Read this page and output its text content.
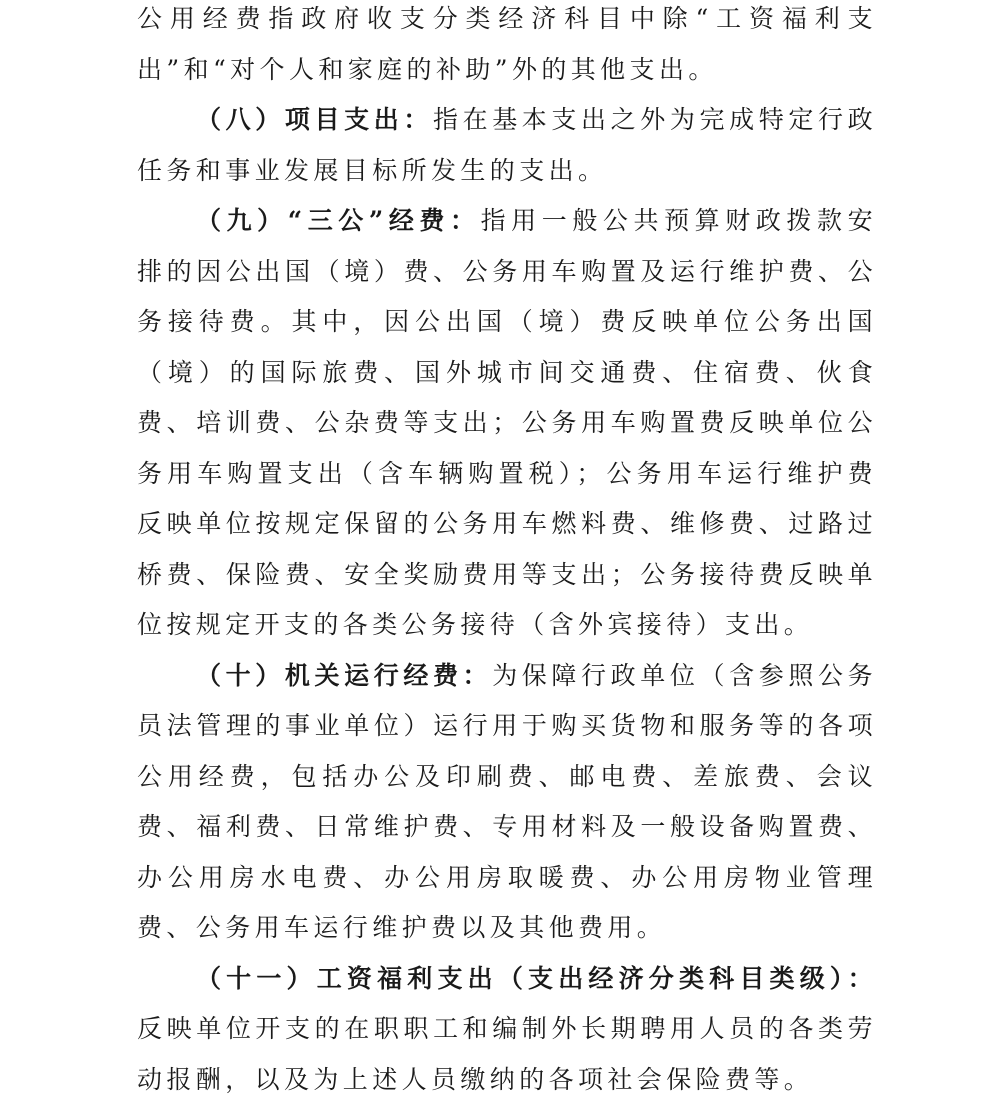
公用经费指政府收支分类经济科目中除“工资福利支出”和“对个人和家庭的补助”外的其他支出。

（八）项目支出：指在基本支出之外为完成特定行政任务和事业发展目标所发生的支出。

（九）“三公”经费：指用一般公共预算财政拨款安排的因公出国（境）费、公务用车购置及运行维护费、公务接待费。其中，因公出国（境）费反映单位公务出国（境）的国际旅费、国外城市间交通费、住宿费、伙食费、培训费、公杂费等支出；公务用车购置费反映单位公务用车购置支出（含车辆购置税）；公务用车运行维护费反映单位按规定保留的公务用车燃料费、维修费、过路过桥费、保险费、安全奖励费用等支出；公务接待费反映单位按规定开支的各类公务接待（含外宾接待）支出。

（十）机关运行经费：为保障行政单位（含参照公务员法管理的事业单位）运行用于购买货物和服务等的各项公用经费，包括办公及印刷费、邮电费、差旅费、会议费、福利费、日常维护费、专用材料及一般设备购置费、办公用房水电费、办公用房取暖费、办公用房物业管理费、公务用车运行维护费以及其他费用。

（十一）工资福利支出（支出经济分类科目类级）：反映单位开支的在职职工和编制外长期聘用人员的各类劳动报酬，以及为上述人员缴纳的各项社会保险费等。
